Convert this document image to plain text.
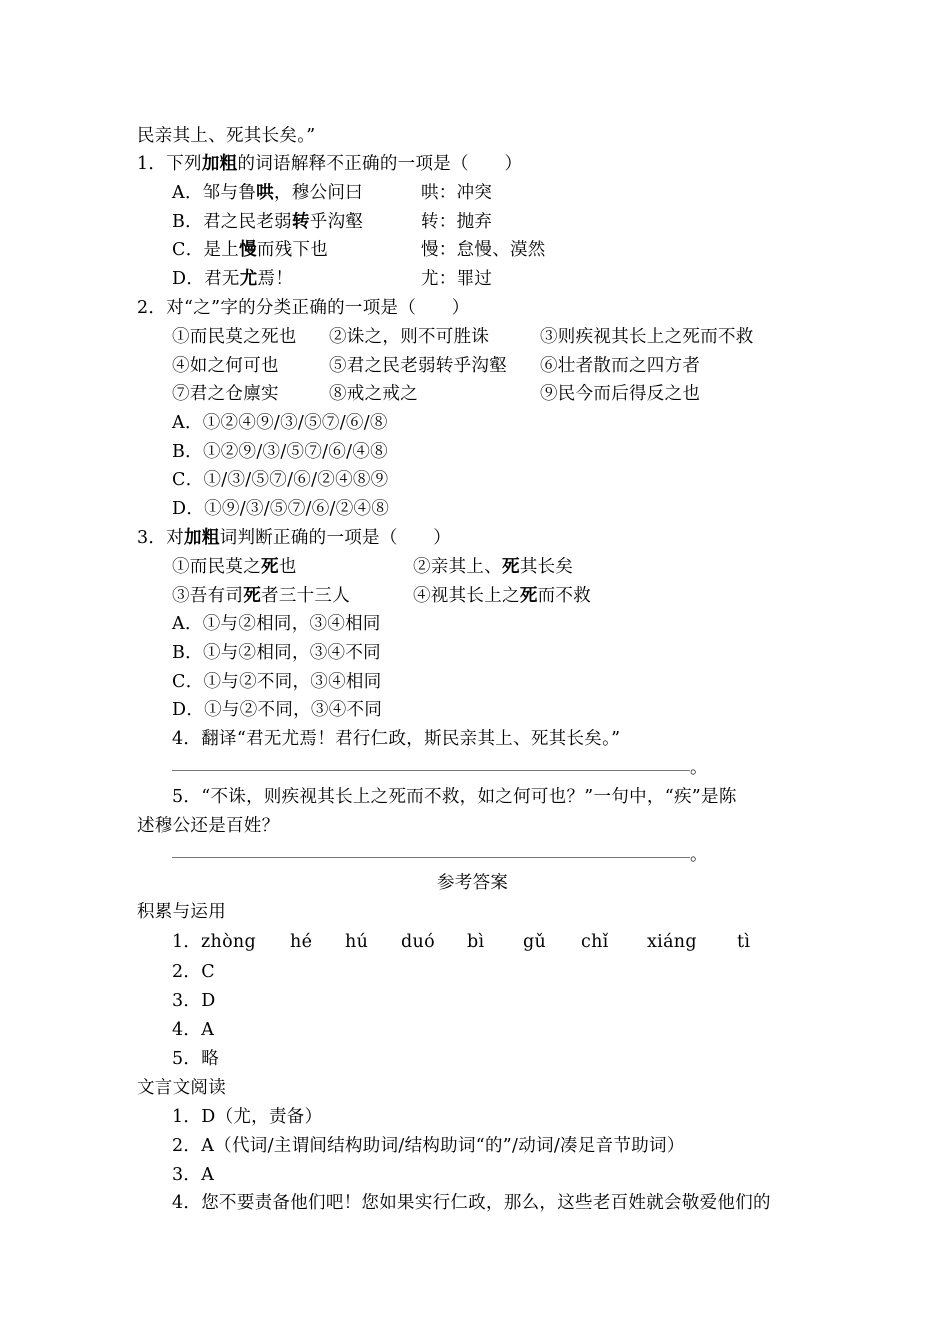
民亲其上、死其长矣。”
1．下列加粗的词语解释不正确的一项是（　　）
A．邹与鲁哄，穆公问曰	哄：冲突
B．君之民老弱转乎沟壑	转：抛弃
C．是上慢而残下也	慢：怠慢、漠然
D．君无尤焉！	尤：罪过
2．对“之”字的分类正确的一项是（　　）
①而民莫之死也 ②诛之，则不可胜诛	③则疾视其长上之死而不救
④如之何可也	⑤君之民老弱转乎沟壑 ⑥壮者散而之四方者
⑦君之仓廪实	⑧戒之戒之	⑨民今而后得反之也
A．①②④⑨/③/⑤⑦/⑥/⑧
B．①②⑨/③/⑤⑦/⑥/④⑧
C．①/③/⑤⑦/⑥/②④⑧⑨
D．①⑨/③/⑤⑦/⑥/②④⑧
3．对加粗词判断正确的一项是（　　）
①而民莫之死也	②亲其上、死其长矣
③吾有司死者三十三人	④视其长上之死而不救
A．①与②相同，③④相同
B．①与②相同，③④不同
C．①与②不同，③④相同
D．①与②不同，③④不同
4．翻译“君无尤焉！君行仁政，斯民亲其上、死其长矣。”
。
5．“不诛，则疾视其长上之死而不救，如之何可也？”一句中，“疾”是陈
述穆公还是百姓？
。
参考答案
积累与运用
1． zhòng hé hú duó bì gǔ chǐ xiáng tì
2．C
3．D
4．A
5．略
文言文阅读
1．D（尤，责备）
2．A（代词/主谓间结构助词/结构助词“的”/动词/凑足音节助词）
3．A
4．您不要责备他们吧！您如果实行仁政，那么，这些老百姓就会敬爱他们的
